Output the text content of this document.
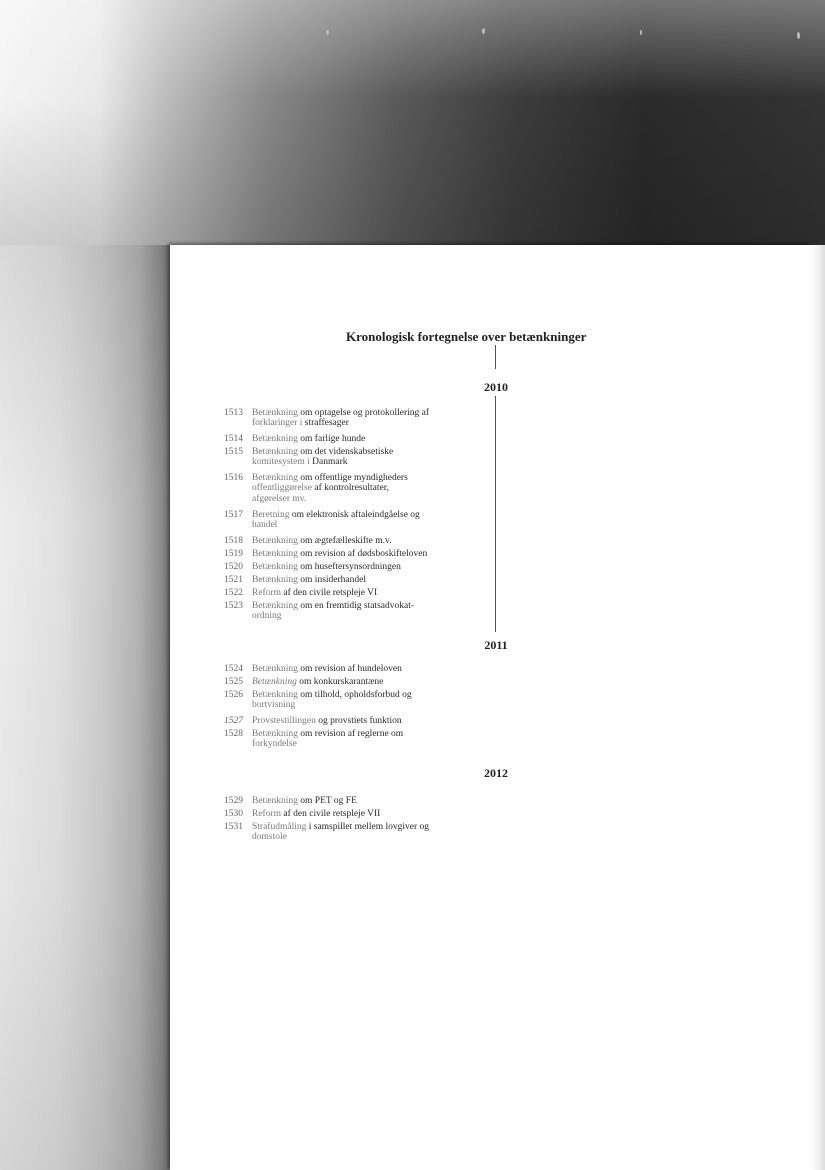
Kronologisk fortegnelse over betænkninger
2010
2011
2012
1513 Betænkning om optagelse og protokollering af
forklaringer i straffesager
1514 Betænkning om farlige hunde
1515 Betænkning om det videnskabsetiske
komitesystem i Danmark
1516 Betænkning om offentlige myndigheders
offentliggørelse af kontrolresultater,
afgørelser mv.
1517 Beretning om elektronisk aftaleindgåelse og
handel
1518 Betænkning om ægtefælleskifte m.v.
1519 Betænkning om revision af dødsboskifteloven
1520 Betænkning om huseftersynsordningen
1521 Betænkning om insiderhandel
1522 Reform af den civile retspleje VI
1523 Betænkning om en fremtidig statsadvokat-
ordning
1524 Betænkning om revision af hundeloven
1525 Betænkning om konkurskarantæne
1526 Betænkning om tilhold, opholdsforbud og
bortvisning
1527 Provstestillingen og provstiets funktion
1528 Betænkning om revision af reglerne om
forkyndelse
1529 Betænkning om PET og FE
1530 Reform af den civile retspleje VII
1531 Strafudmåling i samspillet mellem lovgiver og
domstole
